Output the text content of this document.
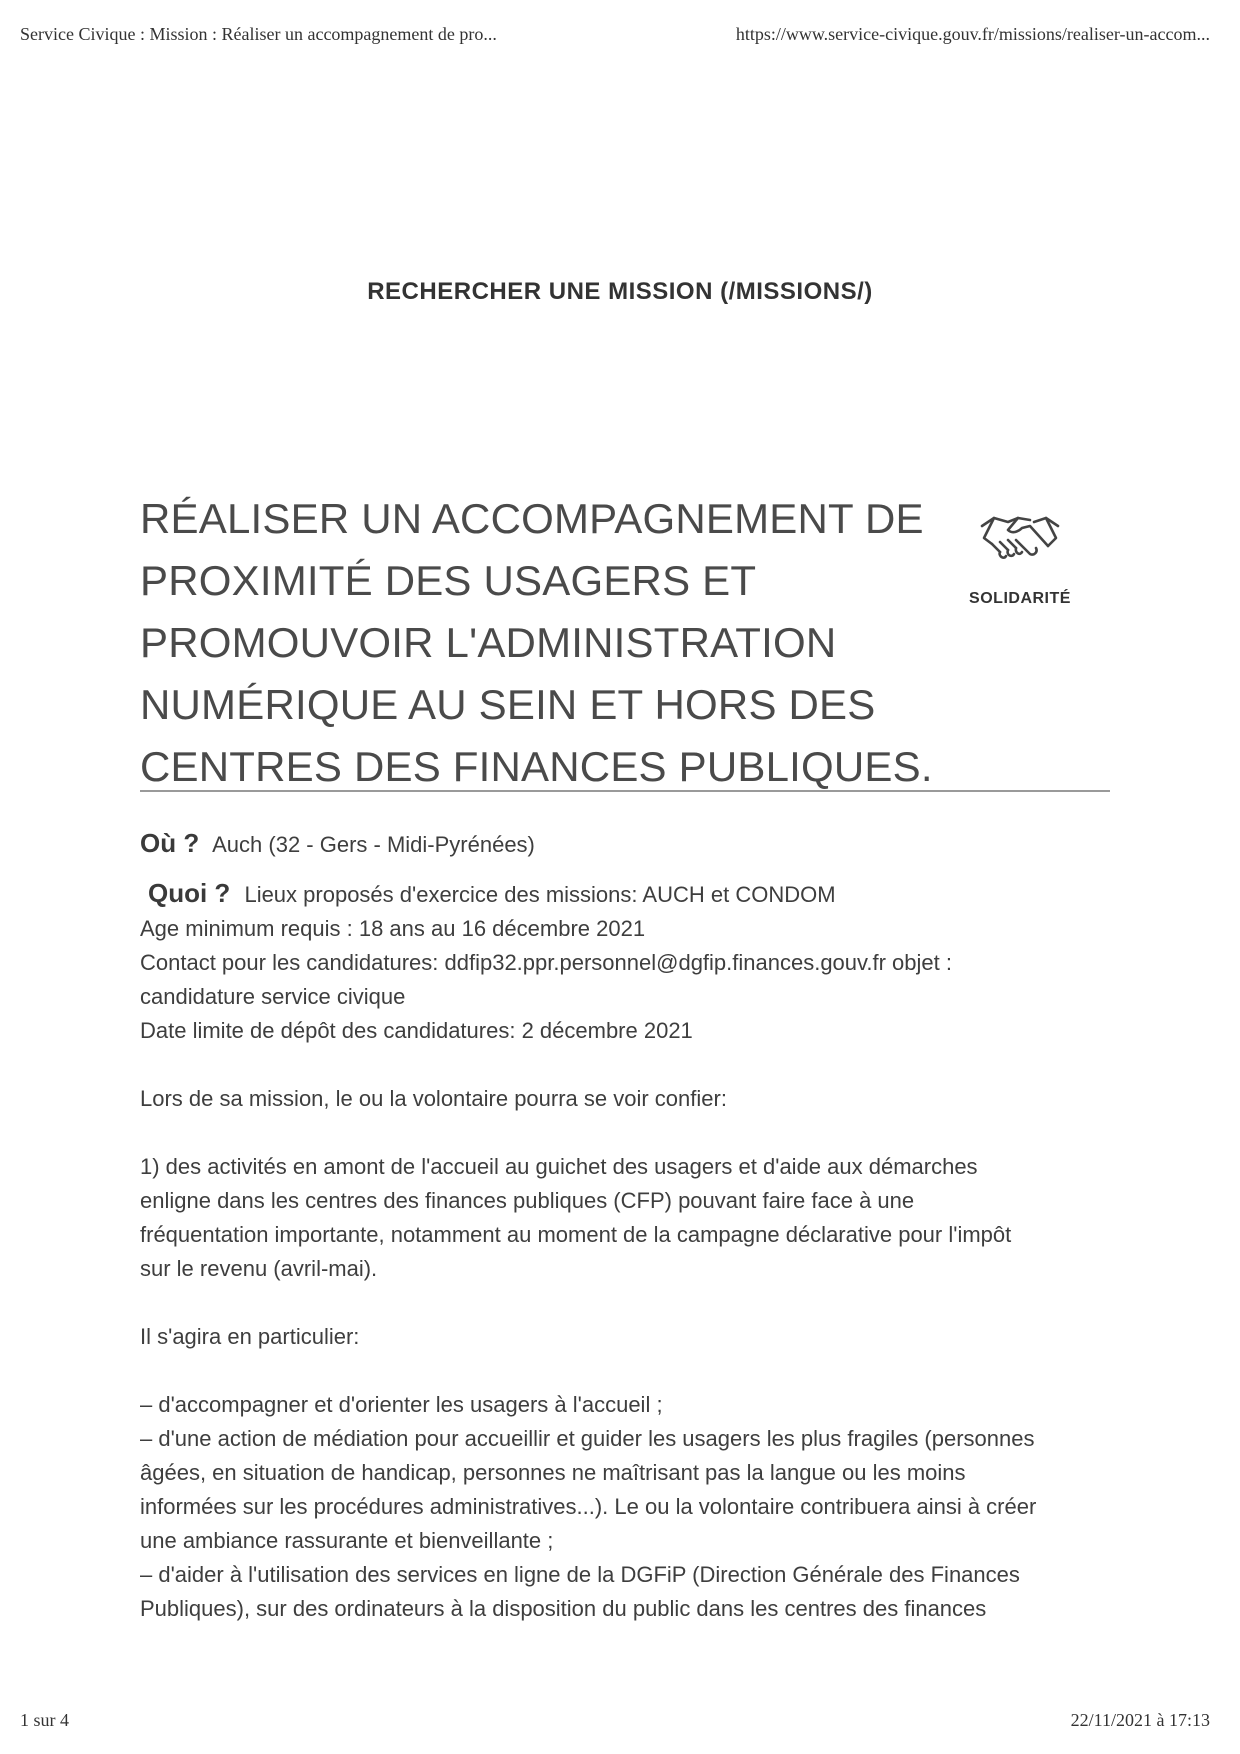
Service Civique : Mission : Réaliser un accompagnement de pro...	https://www.service-civique.gouv.fr/missions/realiser-un-accom...
RECHERCHER UNE MISSION (/MISSIONS/)
RÉALISER UN ACCOMPAGNEMENT DE
PROXIMITÉ DES USAGERS ET
PROMOUVOIR L'ADMINISTRATION
NUMÉRIQUE AU SEIN ET HORS DES
CENTRES DES FINANCES PUBLIQUES.
SOLIDARITÉ

Où ? Auch (32 - Gers - Midi-Pyrénées)

Quoi ? Lieux proposés d'exercice des missions: AUCH et CONDOM

Age minimum requis : 18 ans au 16 décembre 2021

Contact pour les candidatures: ddfip32.ppr.personnel@dgfip.finances.gouv.fr objet :

candidature service civique

Date limite de dépôt des candidatures: 2 décembre 2021

Lors de sa mission, le ou la volontaire pourra se voir confier:

1) des activités en amont de l'accueil au guichet des usagers et d'aide aux démarches

enligne dans les centres des finances publiques (CFP) pouvant faire face à une

fréquentation importante, notamment au moment de la campagne déclarative pour l'impôt

sur le revenu (avril-mai).

Il s'agira en particulier:

– d'accompagner et d'orienter les usagers à l'accueil ;
– d'une action de médiation pour accueillir et guider les usagers les plus fragiles (personnes
âgées, en situation de handicap, personnes ne maîtrisant pas la langue ou les moins
informées sur les procédures administratives...). Le ou la volontaire contribuera ainsi à créer
une ambiance rassurante et bienveillante ;
– d'aider à l'utilisation des services en ligne de la DGFiP (Direction Générale des Finances
Publiques), sur des ordinateurs à la disposition du public dans les centres des finances
1 sur 4	22/11/2021 à 17:13
